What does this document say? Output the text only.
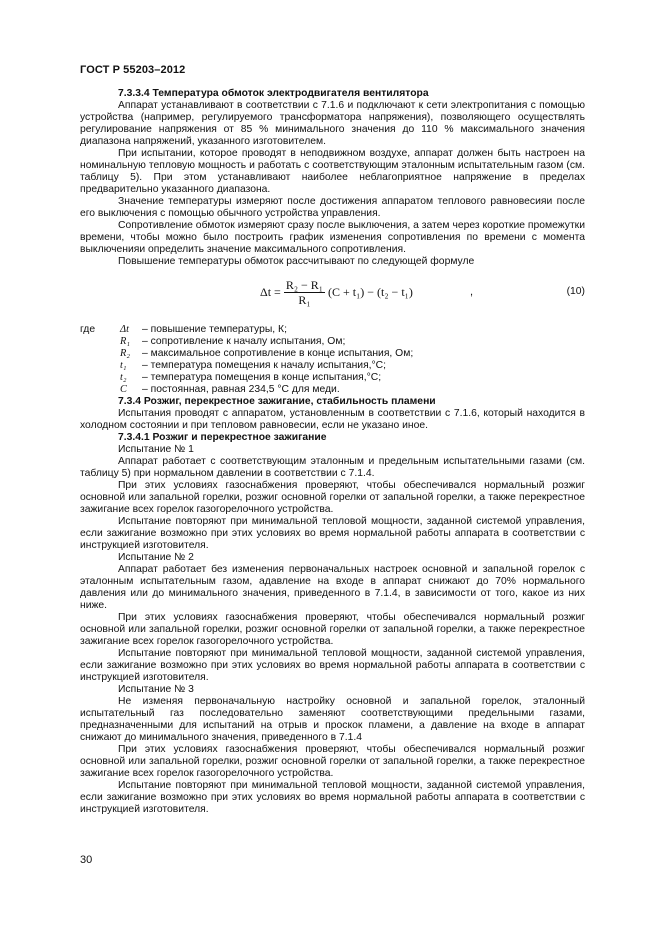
ГОСТ Р 55203–2012
7.3.3.4 Температура обмоток электродвигателя вентилятора

Аппарат устанавливают в соответствии с 7.1.6 и подключают к сети электропитания с помощью устройства (например, регулируемого трансформатора напряжения), позволяющего осуществлять регулирование напряжения от 85 % минимального значения до 110 % максимального значения диапазона напряжений, указанного изготовителем.

При испытании, которое проводят в неподвижном воздухе, аппарат должен быть настроен на номинальную тепловую мощность и работать с соответствующим эталонным испытательным газом (см. таблицу 5). При этом устанавливают наиболее неблагоприятное напряжение в пределах предварительно указанного диапазона.

Значение температуры измеряют после достижения аппаратом теплового равновесияи после его выключения с помощью обычного устройства управления.

Сопротивление обмоток измеряют сразу после выключения, а затем через короткие промежутки времени, чтобы можно было построить график изменения сопротивления по времени с момента выключенияи определить значение максимального сопротивления.

Повышение температуры обмоток рассчитывают по следующей формуле

$\Delta t = \frac{\text{R₂ − R₁}}{\text{R₁}} (C + t_1) - (t_2 - t_1)$	,	(10)
где Δt	– повышение температуры, К;
R₁	– сопротивление к началу испытания, Ом;
R₂	– максимальное сопротивление в конце испытания, Ом;
t₁	– температура помещения к началу испытания,°С;
t₂	– температура помещения в конце испытания,°С;
C	– постоянная, равная 234,5 °С для меди.
7.3.4 Розжиг, перекрестное зажигание, стабильность пламени

Испытания проводят с аппаратом, установленным в соответствии с 7.1.6, который находится в холодном состоянии и при тепловом равновесии, если не указано иное.

7.3.4.1 Розжиг и перекрестное зажигание

Испытание № 1

Аппарат работает с соответствующим эталонным и предельным испытательными газами (см. таблицу 5) при нормальном давлении в соответствии с 7.1.4.

При этих условиях газоснабжения проверяют, чтобы обеспечивался нормальный розжиг основной или запальной горелки, розжиг основной горелки от запальной горелки, а также перекрестное зажигание всех горелок газогорелочного устройства.

Испытание повторяют при минимальной тепловой мощности, заданной системой управления, если зажигание возможно при этих условиях во время нормальной работы аппарата в соответствии с инструкцией изготовителя.

Испытание № 2

Аппарат работает без изменения первоначальных настроек основной и запальной горелок с эталонным испытательным газом, адавление на входе в аппарат снижают до 70% нормального давления или до минимального значения, приведенного в 7.1.4, в зависимости от того, какое из них ниже.

При этих условиях газоснабжения проверяют, чтобы обеспечивался нормальный розжиг основной или запальной горелки, розжиг основной горелки от запальной горелки, а также перекрестное зажигание всех горелок газогорелочного устройства.

Испытание повторяют при минимальной тепловой мощности, заданной системой управления, если зажигание возможно при этих условиях во время нормальной работы аппарата в соответствии с инструкцией изготовителя.

Испытание № 3

Не изменяя первоначальную настройку основной и запальной горелок, эталонный испытательный газ последовательно заменяют соответствующими предельными газами, предназначенными для испытаний на отрыв и проскок пламени, а давление на входе в аппарат снижают до минимального значения, приведенного в 7.1.4

При этих условиях газоснабжения проверяют, чтобы обеспечивался нормальный розжиг основной или запальной горелки, розжиг основной горелки от запальной горелки, а также перекрестное зажигание всех горелок газогорелочного устройства.

Испытание повторяют при минимальной тепловой мощности, заданной системой управления, если зажигание возможно при этих условиях во время нормальной работы аппарата в соответствии с инструкцией изготовителя.

30
